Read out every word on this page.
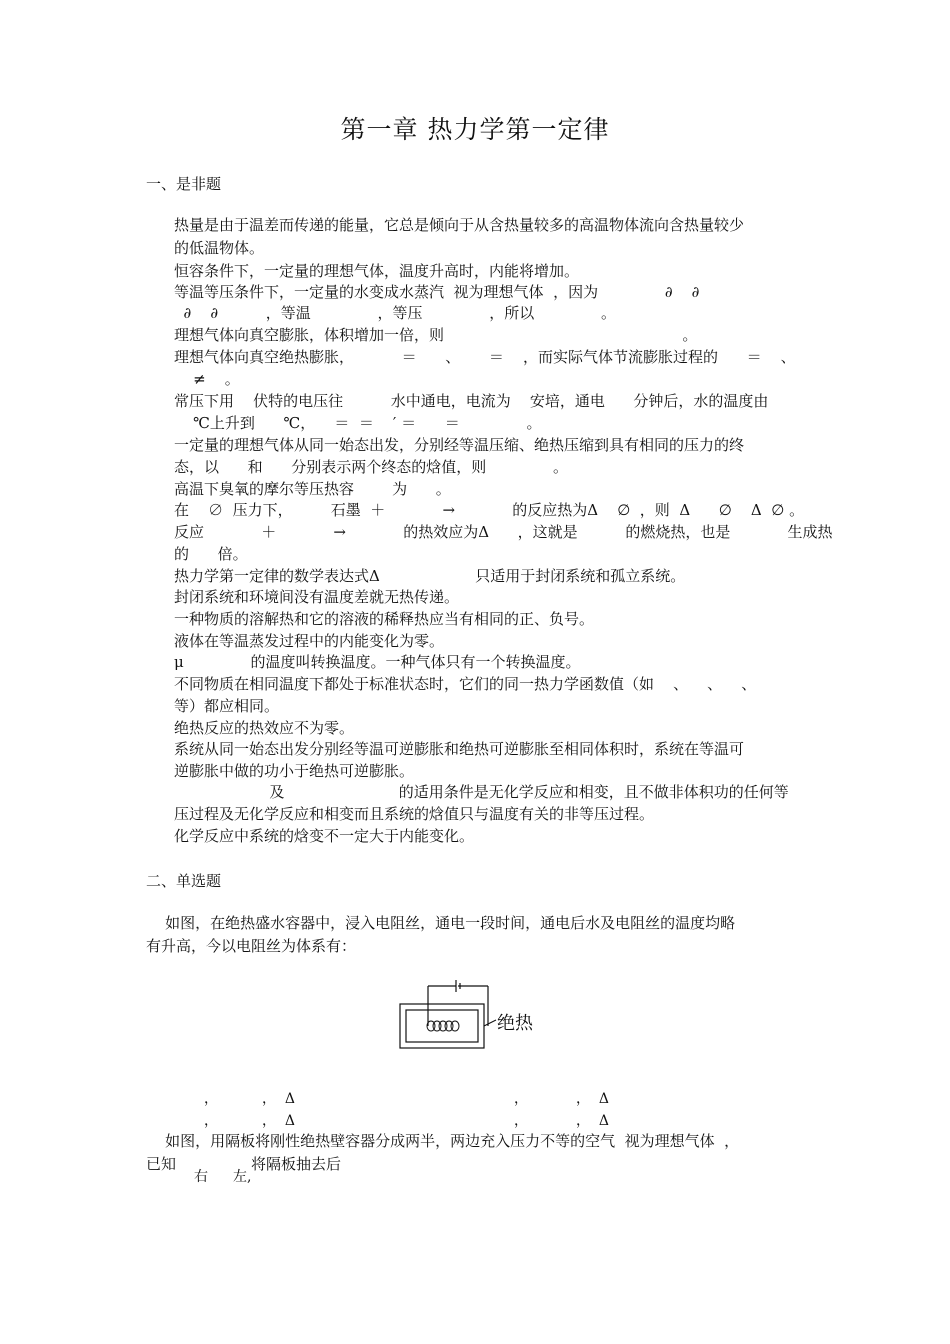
第一章 热力学第一定律
一、是非题
热量是由于温差而传递的能量，它总是倾向于从含热量较多的高温物体流向含热量较少
的低温物体。
恒容条件下，一定量的理想气体，温度升高时，内能将增加。
等温等压条件下，一定量的水变成水蒸汽  视为理想气体  ，因为              ∂    ∂
∂    ∂          ，等温              ，等压              ，所以              。
理想气体向真空膨胀，体积增加一倍，则                                                  。
理想气体向真空绝热膨胀，          ＝      、      ＝    ，而实际气体节流膨胀过程的      ＝    、
≠    。
常压下用    伏特的电压往          水中通电，电流为    安培，通电      分钟后，水的温度由
℃上升到      ℃，    ＝  ＝    ′ ＝      ＝              。
一定量的理想气体从同一始态出发，分别经等温压缩、绝热压缩到具有相同的压力的终
态，以      和      分别表示两个终态的焓值，则              。
高温下臭氧的摩尔等压热容        为      。
在    ∅  压力下，        石墨  ＋            →            的反应热为Δ    ∅  ，则  Δ      ∅    Δ  ∅ 。
反应            ＋            →            的热效应为Δ      ，这就是          的燃烧热，也是            生成热
的      倍。
热力学第一定律的数学表达式Δ                    只适用于封闭系统和孤立系统。
封闭系统和环境间没有温度差就无热传递。
一种物质的溶解热和它的溶液的稀释热应当有相同的正、负号。
液体在等温蒸发过程中的内能变化为零。
μ              的温度叫转换温度。一种气体只有一个转换温度。
不同物质在相同温度下都处于标准状态时，它们的同一热力学函数值（如    、    、    、
等）都应相同。
绝热反应的热效应不为零。
系统从同一始态出发分别经等温可逆膨胀和绝热可逆膨胀至相同体积时，系统在等温可
逆膨胀中做的功小于绝热可逆膨胀。
及                        的适用条件是无化学反应和相变，且不做非体积功的任何等
压过程及无化学反应和相变而且系统的焓值只与温度有关的非等压过程。
化学反应中系统的焓变不一定大于内能变化。
二、单选题
如图，在绝热盛水容器中，浸入电阻丝，通电一段时间，通电后水及电阻丝的温度均略
有升高，今以电阻丝为体系有：
绝热
，	，  Δ	，	，  Δ
，	，  Δ	，	，  Δ
如图，用隔板将刚性绝热壁容器分成两半，两边充入压力不等的空气  视为理想气体  ，
已知
右 左,
将隔板抽去后
